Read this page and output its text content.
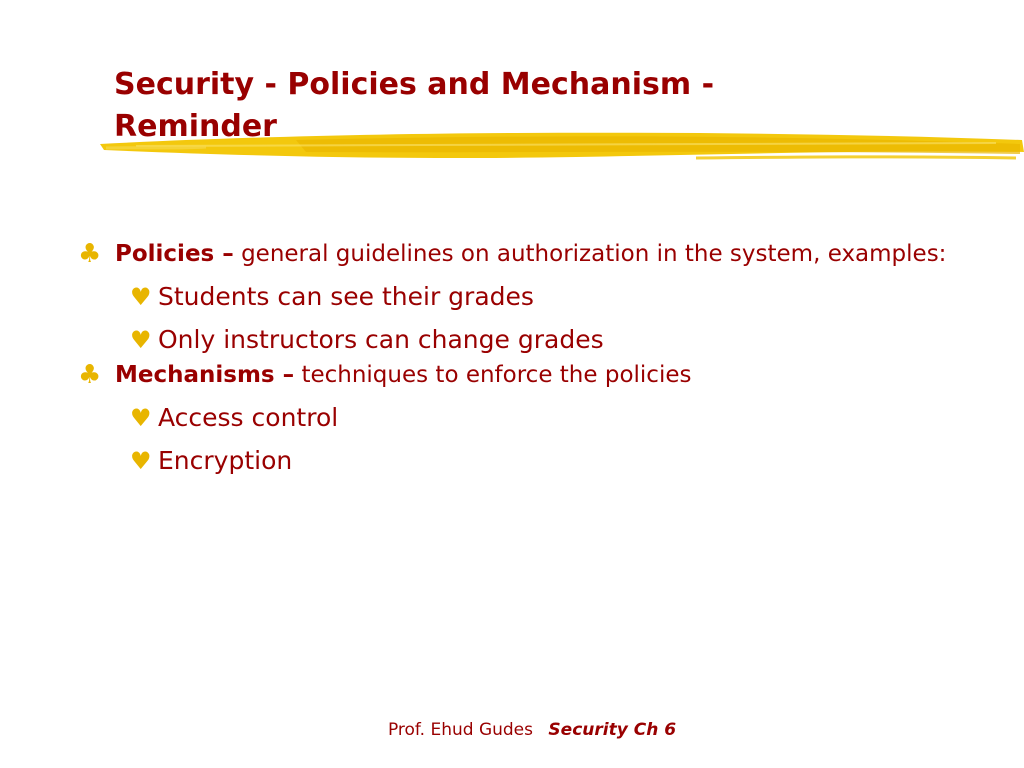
Security - Policies and Mechanism - Reminder
♣ Policies – general guidelines on authorization in the system, examples:
♥ Students can see their grades
♥ Only instructors can change grades
♣ Mechanisms – techniques to enforce the policies
♥ Access control
♥ Encryption
Prof. Ehud Gudes Security Ch 6
